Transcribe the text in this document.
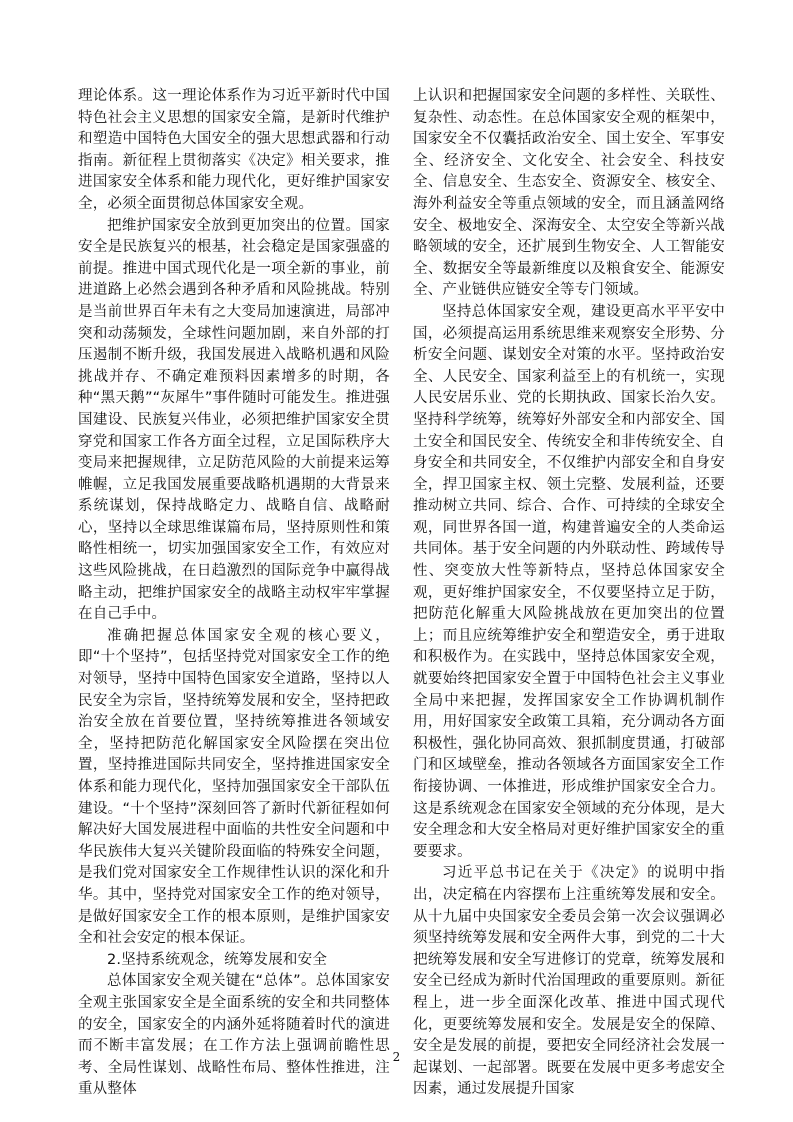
理论体系。这一理论体系作为习近平新时代中国特色社会主义思想的国家安全篇，是新时代维护和塑造中国特色大国安全的强大思想武器和行动指南。新征程上贯彻落实《决定》相关要求，推进国家安全体系和能力现代化，更好维护国家安全，必须全面贯彻总体国家安全观。

把维护国家安全放到更加突出的位置。国家安全是民族复兴的根基，社会稳定是国家强盛的前提。推进中国式现代化是一项全新的事业，前进道路上必然会遇到各种矛盾和风险挑战。特别是当前世界百年未有之大变局加速演进，局部冲突和动荡频发，全球性问题加剧，来自外部的打压遏制不断升级，我国发展进入战略机遇和风险挑战并存、不确定难预料因素增多的时期，各种“黑天鹅”“灰犀牛”事件随时可能发生。推进强国建设、民族复兴伟业，必须把维护国家安全贯穿党和国家工作各方面全过程，立足国际秩序大变局来把握规律，立足防范风险的大前提来运筹帷幄，立足我国发展重要战略机遇期的大背景来系统谋划，保持战略定力、战略自信、战略耐心，坚持以全球思维谋篇布局，坚持原则性和策略性相统一，切实加强国家安全工作，有效应对这些风险挑战，在日趋激烈的国际竞争中赢得战略主动，把维护国家安全的战略主动权牢牢掌握在自己手中。

准确把握总体国家安全观的核心要义，即“十个坚持”，包括坚持党对国家安全工作的绝对领导，坚持中国特色国家安全道路，坚持以人民安全为宗旨，坚持统筹发展和安全，坚持把政治安全放在首要位置，坚持统筹推进各领域安全，坚持把防范化解国家安全风险摆在突出位置，坚持推进国际共同安全，坚持推进国家安全体系和能力现代化，坚持加强国家安全干部队伍建设。“十个坚持”深刻回答了新时代新征程如何解决好大国发展进程中面临的共性安全问题和中华民族伟大复兴关键阶段面临的特殊安全问题，是我们党对国家安全工作规律性认识的深化和升华。其中，坚持党对国家安全工作的绝对领导，是做好国家安全工作的根本原则，是维护国家安全和社会安定的根本保证。

2.坚持系统观念，统筹发展和安全

总体国家安全观关键在“总体”。总体国家安全观主张国家安全是全面系统的安全和共同整体的安全，国家安全的内涵外延将随着时代的演进而不断丰富发展；在工作方法上强调前瞻性思考、全局性谋划、战略性布局、整体性推进，注重从整体

上认识和把握国家安全问题的多样性、关联性、复杂性、动态性。在总体国家安全观的框架中，国家安全不仅囊括政治安全、国土安全、军事安全、经济安全、文化安全、社会安全、科技安全、信息安全、生态安全、资源安全、核安全、海外利益安全等重点领域的安全，而且涵盖网络安全、极地安全、深海安全、太空安全等新兴战略领域的安全，还扩展到生物安全、人工智能安全、数据安全等最新维度以及粮食安全、能源安全、产业链供应链安全等专门领域。

坚持总体国家安全观，建设更高水平平安中国，必须提高运用系统思维来观察安全形势、分析安全问题、谋划安全对策的水平。坚持政治安全、人民安全、国家利益至上的有机统一，实现人民安居乐业、党的长期执政、国家长治久安。坚持科学统筹，统筹好外部安全和内部安全、国土安全和国民安全、传统安全和非传统安全、自身安全和共同安全，不仅维护内部安全和自身安全，捍卫国家主权、领土完整、发展利益，还要推动树立共同、综合、合作、可持续的全球安全观，同世界各国一道，构建普遍安全的人类命运共同体。基于安全问题的内外联动性、跨域传导性、突变放大性等新特点，坚持总体国家安全观，更好维护国家安全，不仅要坚持立足于防，把防范化解重大风险挑战放在更加突出的位置上；而且应统筹维护安全和塑造安全，勇于进取和积极作为。在实践中，坚持总体国家安全观，就要始终把国家安全置于中国特色社会主义事业全局中来把握，发挥国家安全工作协调机制作用，用好国家安全政策工具箱，充分调动各方面积极性，强化协同高效、狠抓制度贯通，打破部门和区域壁垒，推动各领域各方面国家安全工作衔接协调、一体推进，形成维护国家安全合力。这是系统观念在国家安全领域的充分体现，是大安全理念和大安全格局对更好维护国家安全的重要要求。

习近平总书记在关于《决定》的说明中指出，决定稿在内容摆布上注重统筹发展和安全。从十九届中央国家安全委员会第一次会议强调必须坚持统筹发展和安全两件大事，到党的二十大把统筹发展和安全写进修订的党章，统筹发展和安全已经成为新时代治国理政的重要原则。新征程上，进一步全面深化改革、推进中国式现代化，更要统筹发展和安全。发展是安全的保障、安全是发展的前提，要把安全同经济社会发展一起谋划、一起部署。既要在发展中更多考虑安全因素，通过发展提升国家

2
